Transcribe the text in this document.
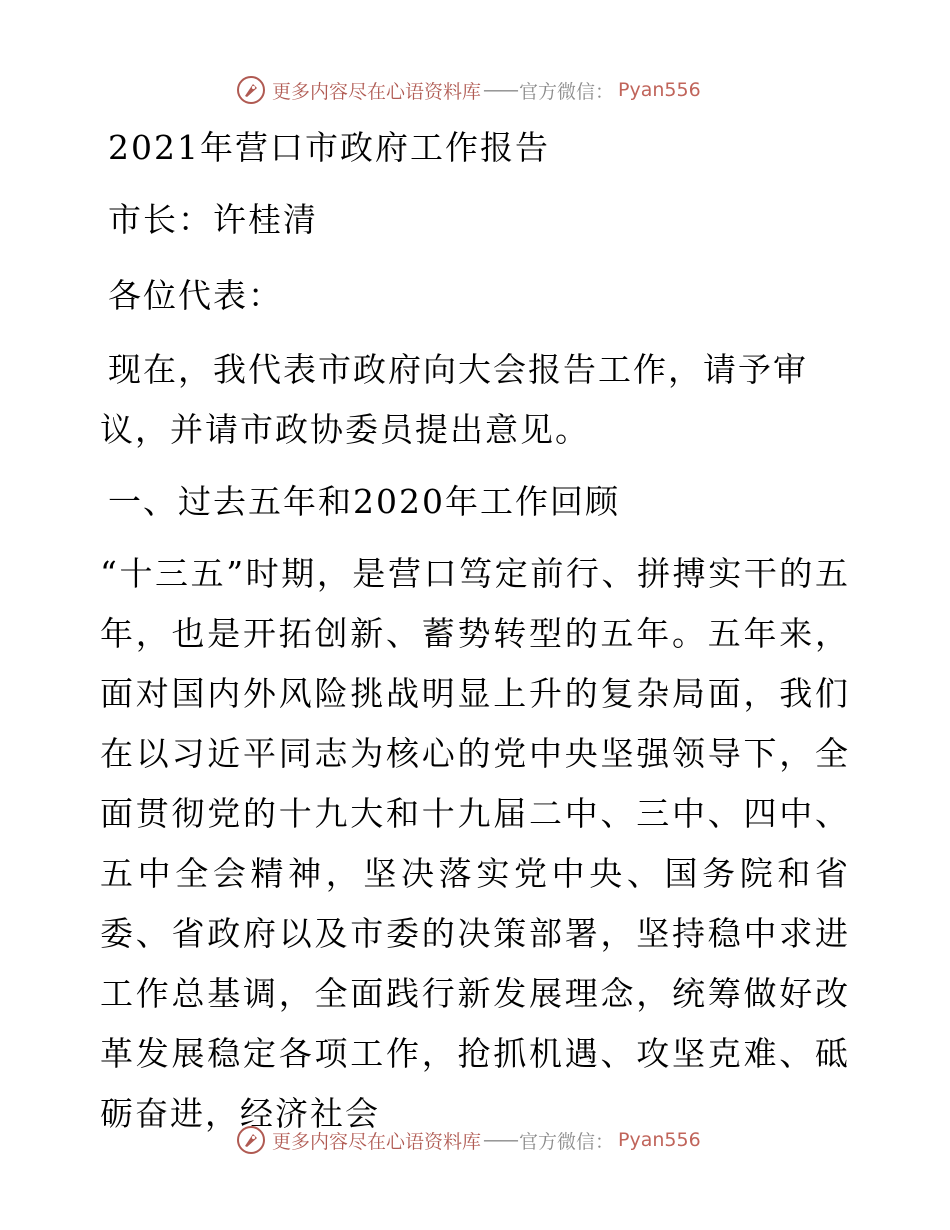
更多内容尽在心语资料库 —— 官方微信： Pyan556
2021年营口市政府工作报告
市长：许桂清
各位代表：
现在，我代表市政府向大会报告工作，请予审
议，并请市政协委员提出意见。
一、过去五年和2020年工作回顾

“十三五”时期，是营口笃定前行、拼搏实干的五年，也是开拓创新、蓄势转型的五年。五年来，面对国内外风险挑战明显上升的复杂局面，我们在以习近平同志为核心的党中央坚强领导下，全面贯彻党的十九大和十九届二中、三中、四中、五中全会精神，坚决落实党中央、国务院和省委、省政府以及市委的决策部署，坚持稳中求进工作总基调，全面践行新发展理念，统筹做好改革发展稳定各项工作，抢抓机遇、攻坚克难、砥砺奋进，经济社会

更多内容尽在心语资料库 —— 官方微信： Pyan556
